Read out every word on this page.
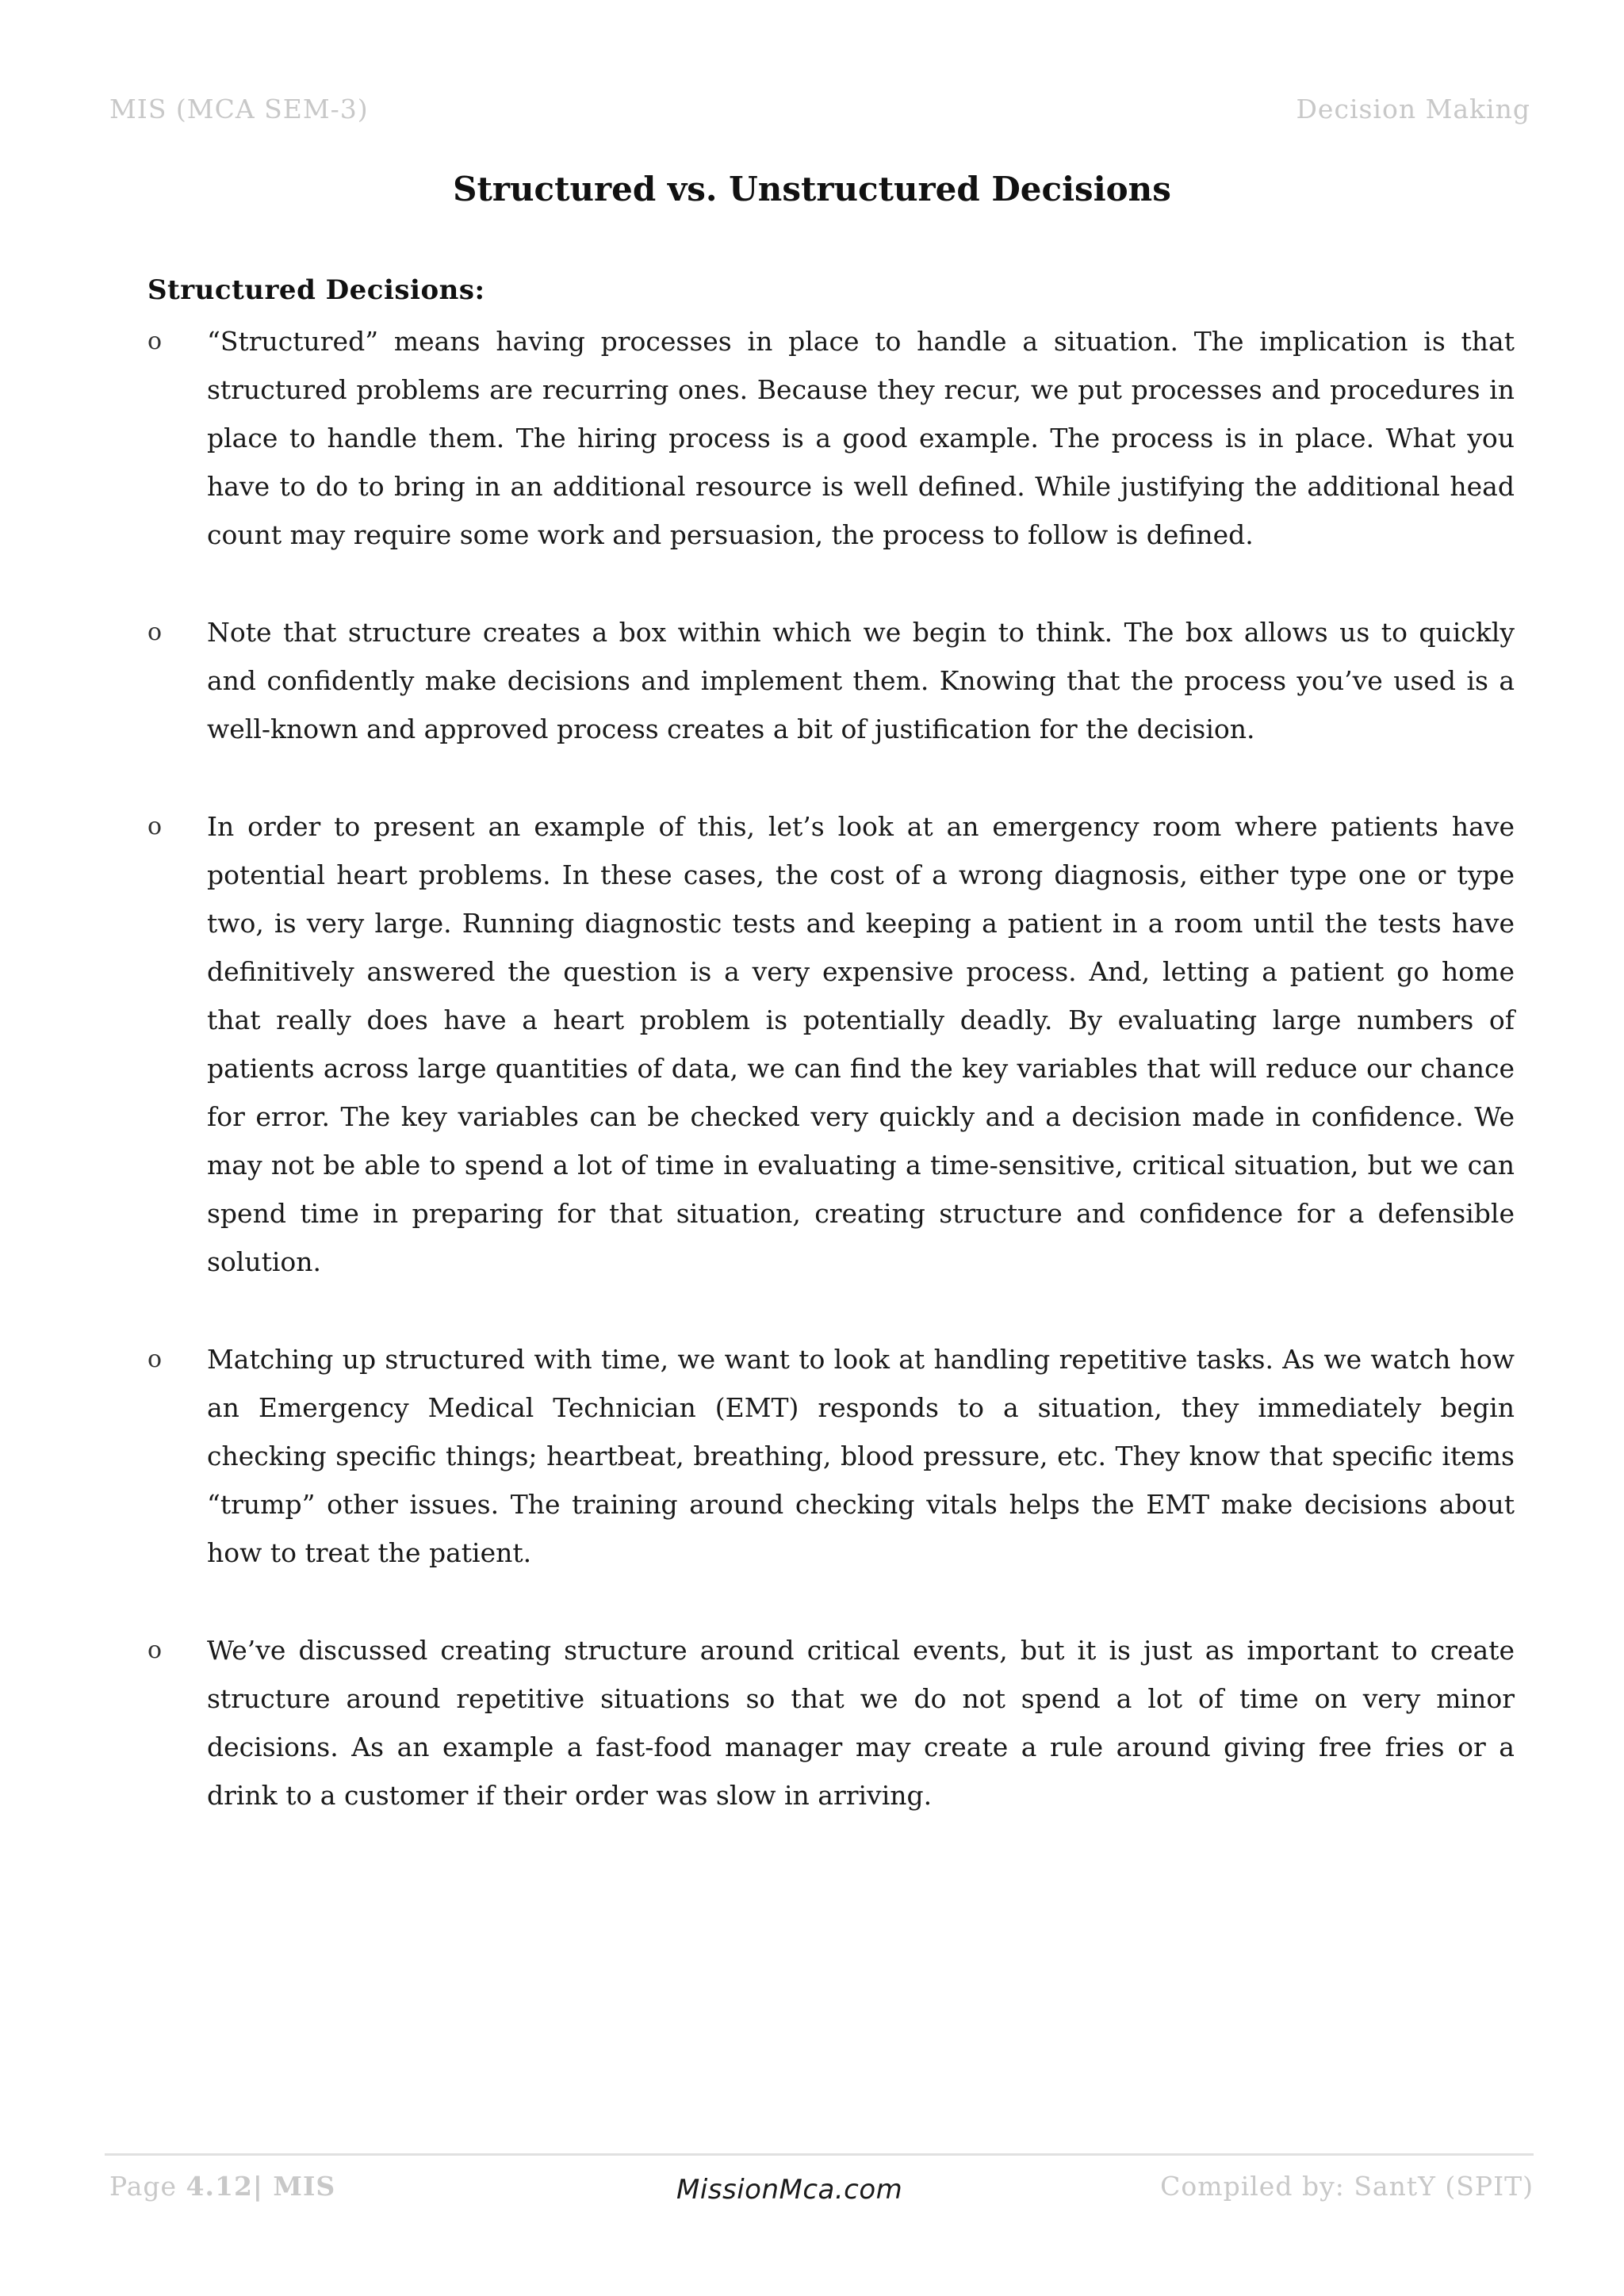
MIS (MCA SEM-3)	Decision Making
Structured vs. Unstructured Decisions
Structured Decisions:
o “Structured” means having processes in place to handle a situation. The implication is that structured problems are recurring ones. Because they recur, we put processes and procedures in place to handle them. The hiring process is a good example. The process is in place. What you have to do to bring in an additional resource is well defined. While justifying the additional head count may require some work and persuasion, the process to follow is defined.
o Note that structure creates a box within which we begin to think. The box allows us to quickly and confidently make decisions and implement them. Knowing that the process you’ve used is a well-known and approved process creates a bit of justification for the decision.
o In order to present an example of this, let’s look at an emergency room where patients have potential heart problems. In these cases, the cost of a wrong diagnosis, either type one or type two, is very large. Running diagnostic tests and keeping a patient in a room until the tests have definitively answered the question is a very expensive process. And, letting a patient go home that really does have a heart problem is potentially deadly. By evaluating large numbers of patients across large quantities of data, we can find the key variables that will reduce our chance for error. The key variables can be checked very quickly and a decision made in confidence. We may not be able to spend a lot of time in evaluating a time-sensitive, critical situation, but we can spend time in preparing for that situation, creating structure and confidence for a defensible solution.
o Matching up structured with time, we want to look at handling repetitive tasks. As we watch how an Emergency Medical Technician (EMT) responds to a situation, they immediately begin checking specific things; heartbeat, breathing, blood pressure, etc. They know that specific items “trump” other issues. The training around checking vitals helps the EMT make decisions about how to treat the patient.
o We’ve discussed creating structure around critical events, but it is just as important to create structure around repetitive situations so that we do not spend a lot of time on very minor decisions. As an example a fast-food manager may create a rule around giving free fries or a drink to a customer if their order was slow in arriving.
Page 4.12| MIS	MissionMca.com	Compiled by: SantY (SPIT)
